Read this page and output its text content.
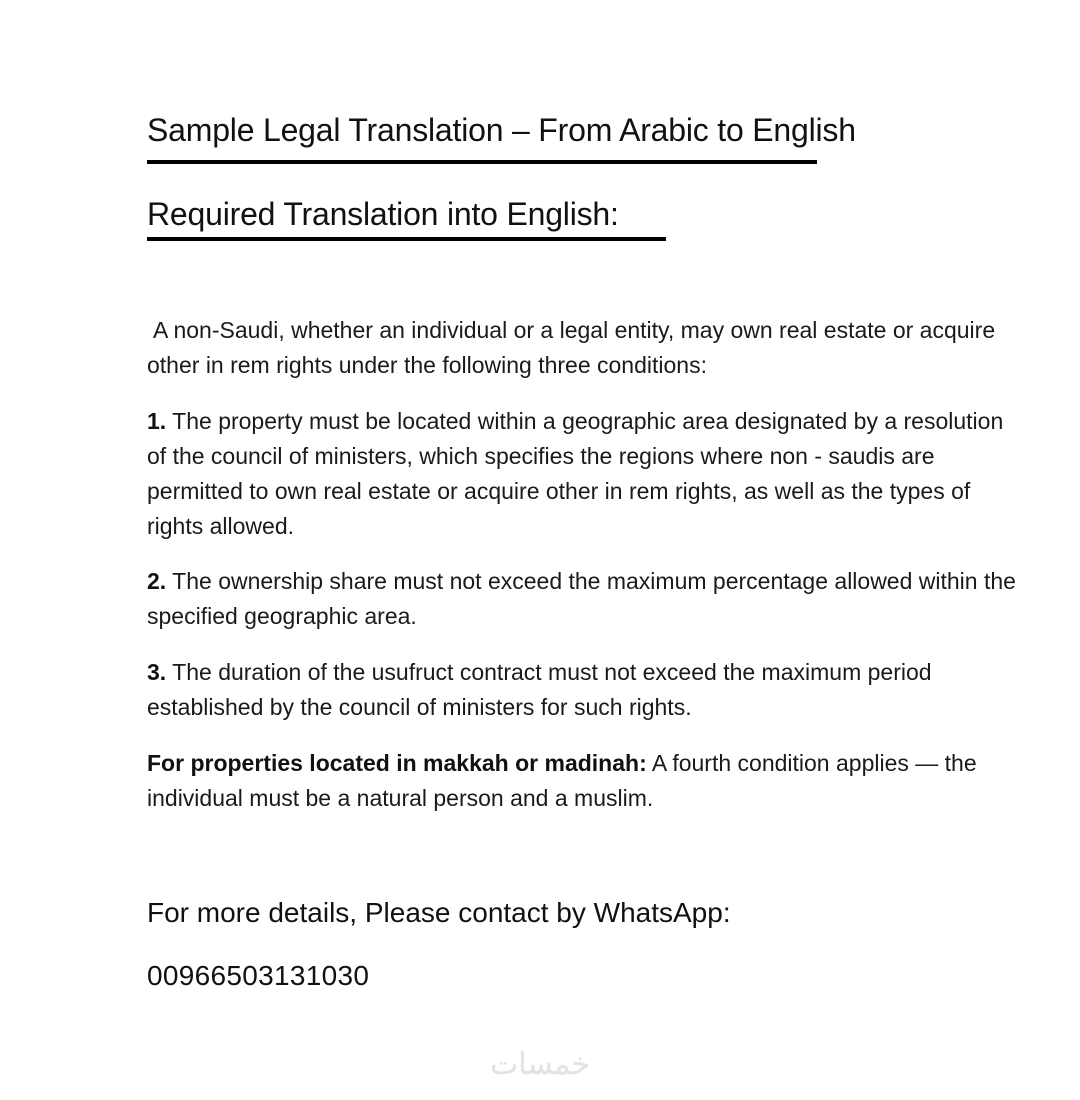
Sample Legal Translation – From Arabic to English
Required Translation into English:

A non-Saudi, whether an individual or a legal entity, may own real estate or acquire other in rem rights under the following three conditions:

1. The property must be located within a geographic area designated by a resolution of the council of ministers, which specifies the regions where non - saudis are permitted to own real estate or acquire other in rem rights, as well as the types of rights allowed.

2. The ownership share must not exceed the maximum percentage allowed within the specified geographic area.

3. The duration of the usufruct contract must not exceed the maximum period established by the council of ministers for such rights.

For properties located in makkah or madinah: A fourth condition applies — the individual must be a natural person and a muslim.

For more details, Please contact by WhatsApp:

00966503131030

خمسات
